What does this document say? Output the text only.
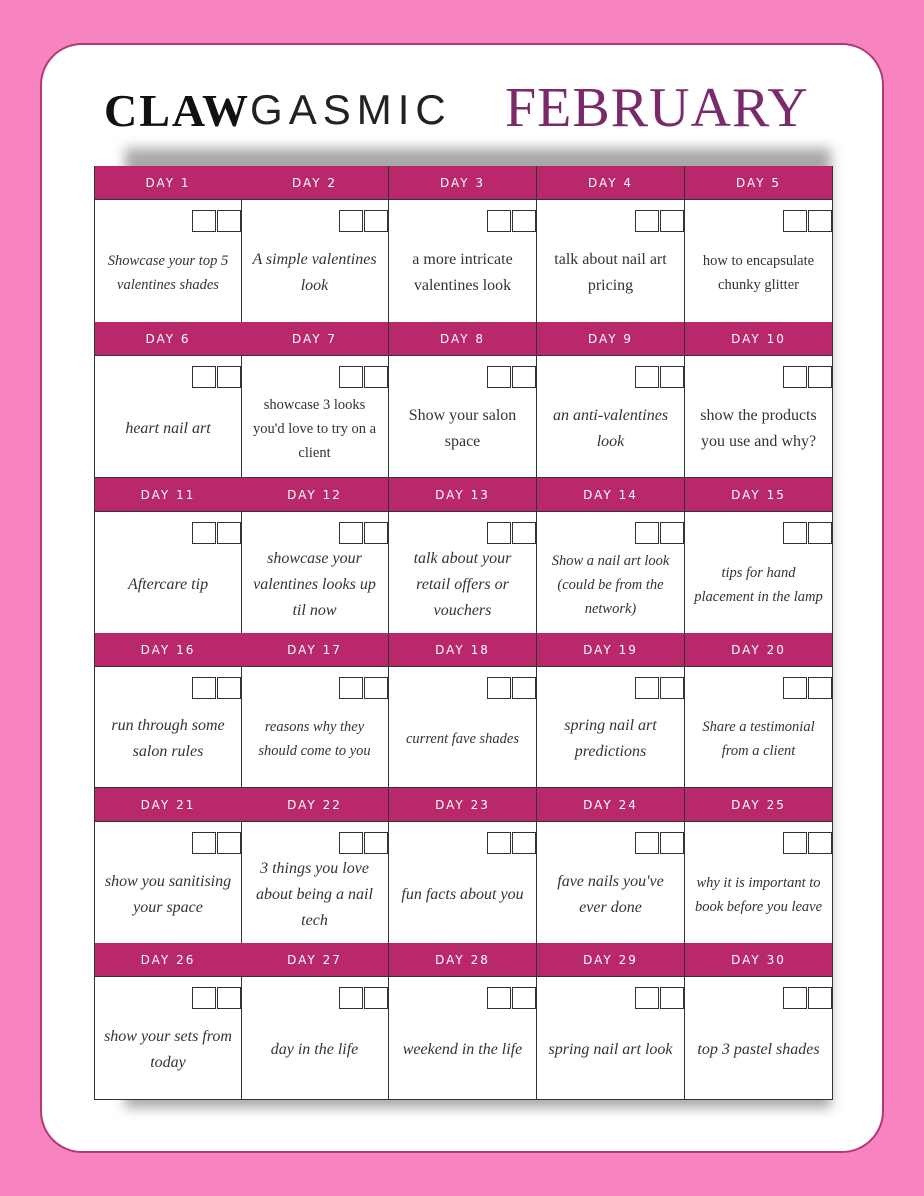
CLAW GASMIC FEBRUARY
DAY 1
Showcase your top 5 valentines shades
DAY 2
A simple valentines look
DAY 3
a more intricate valentines look
DAY 4
talk about nail art pricing
DAY 5
how to encapsulate chunky glitter
DAY 6
heart nail art
DAY 7
showcase 3 looks you'd love to try on a client
DAY 8
Show your salon space
DAY 9
an anti-valentines look
DAY 10
show the products you use and why?
DAY 11
Aftercare tip
DAY 12
showcase your valentines looks up til now
DAY 13
talk about your retail offers or vouchers
DAY 14
Show a nail art look (could be from the network)
DAY 15
tips for hand placement in the lamp
DAY 16
run through some salon rules
DAY 17
reasons why they should come to you
DAY 18
current fave shades
DAY 19
spring nail art predictions
DAY 20
Share a testimonial from a client
DAY 21
show you sanitising your space
DAY 22
3 things you love about being a nail tech
DAY 23
fun facts about you
DAY 24
fave nails you've ever done
DAY 25
why it is important to book before you leave
DAY 26
show your sets from today
DAY 27
day in the life
DAY 28
weekend in the life
DAY 29
spring nail art look
DAY 30
top 3 pastel shades
